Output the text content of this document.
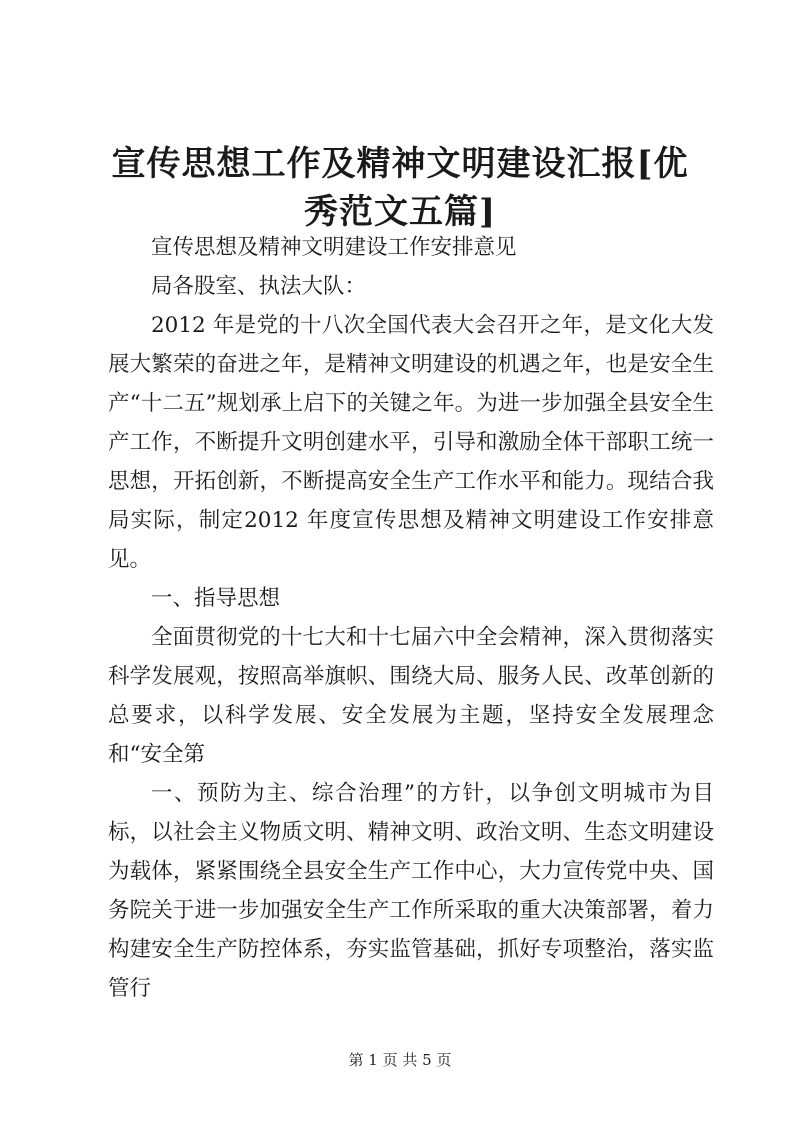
宣传思想工作及精神文明建设汇报[优秀范文五篇]

宣传思想及精神文明建设工作安排意见

局各股室、执法大队：

2012 年是党的十八次全国代表大会召开之年，是文化大发展大繁荣的奋进之年，是精神文明建设的机遇之年，也是安全生产“十二五”规划承上启下的关键之年。为进一步加强全县安全生产工作，不断提升文明创建水平，引导和激励全体干部职工统一思想，开拓创新，不断提高安全生产工作水平和能力。现结合我局实际，制定2012 年度宣传思想及精神文明建设工作安排意见。

一、指导思想

全面贯彻党的十七大和十七届六中全会精神，深入贯彻落实科学发展观，按照高举旗帜、围绕大局、服务人民、改革创新的总要求，以科学发展、安全发展为主题，坚持安全发展理念和“安全第

一、预防为主、综合治理”的方针，以争创文明城市为目标，以社会主义物质文明、精神文明、政治文明、生态文明建设为载体，紧紧围绕全县安全生产工作中心，大力宣传党中央、国务院关于进一步加强安全生产工作所采取的重大决策部署，着力构建安全生产防控体系，夯实监管基础，抓好专项整治，落实监管行

第 1 页 共 5 页
